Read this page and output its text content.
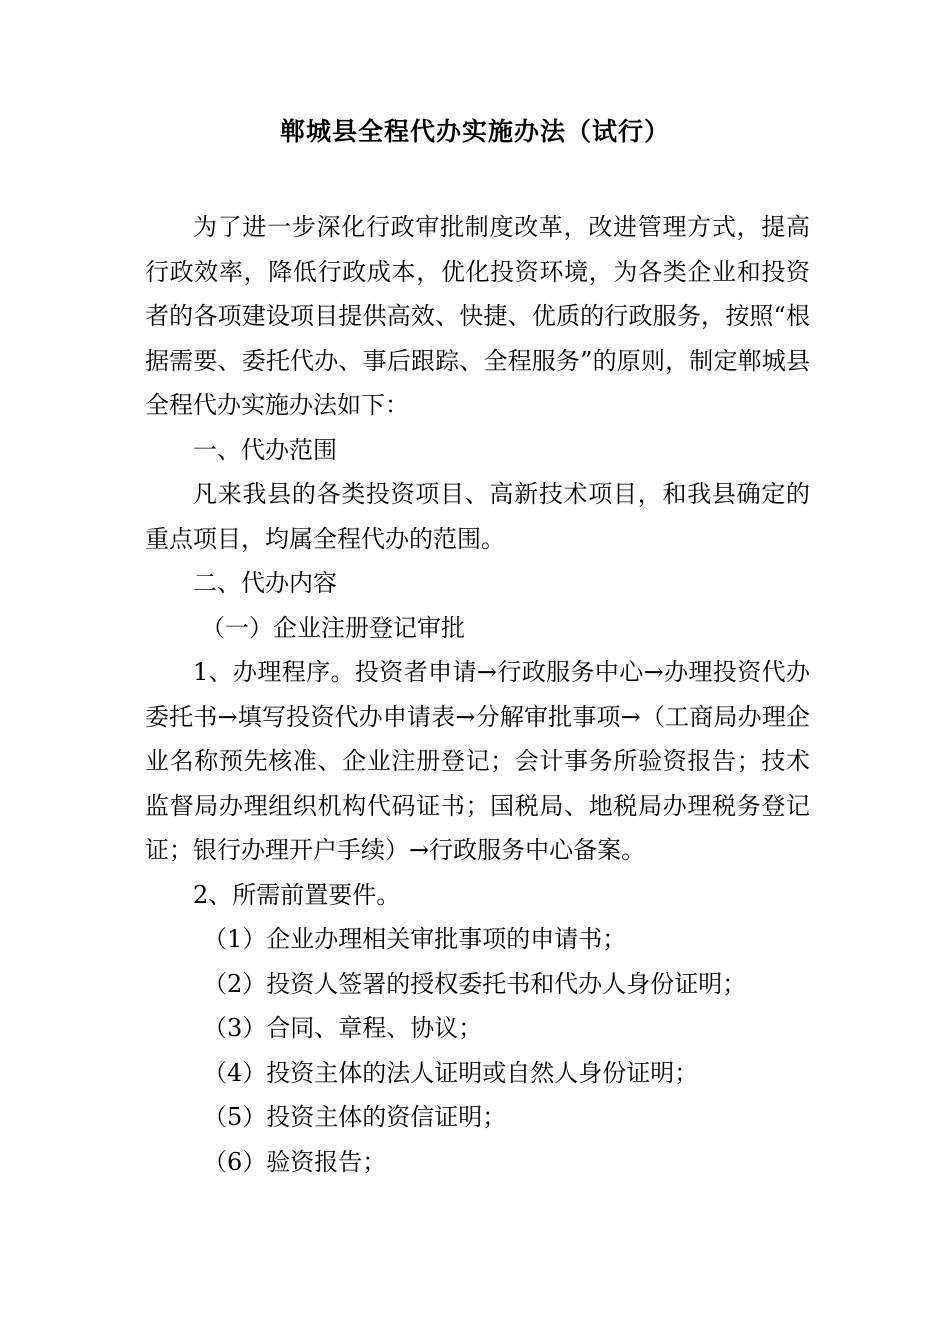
郸城县全程代办实施办法（试行）

为了进一步深化行政审批制度改革，改进管理方式，提高行政效率，降低行政成本，优化投资环境，为各类企业和投资者的各项建设项目提供高效、快捷、优质的行政服务，按照“根据需要、委托代办、事后跟踪、全程服务”的原则，制定郸城县全程代办实施办法如下：

一、代办范围

凡来我县的各类投资项目、高新技术项目，和我县确定的重点项目，均属全程代办的范围。

二、代办内容

（一）企业注册登记审批

1、办理程序。投资者申请→行政服务中心→办理投资代办委托书→填写投资代办申请表→分解审批事项→（工商局办理企业名称预先核准、企业注册登记；会计事务所验资报告；技术监督局办理组织机构代码证书；国税局、地税局办理税务登记证；银行办理开户手续）→行政服务中心备案。

2、所需前置要件。

（1）企业办理相关审批事项的申请书；

（2）投资人签署的授权委托书和代办人身份证明；

（3）合同、章程、协议；

（4）投资主体的法人证明或自然人身份证明；

（5）投资主体的资信证明；

（6）验资报告；
